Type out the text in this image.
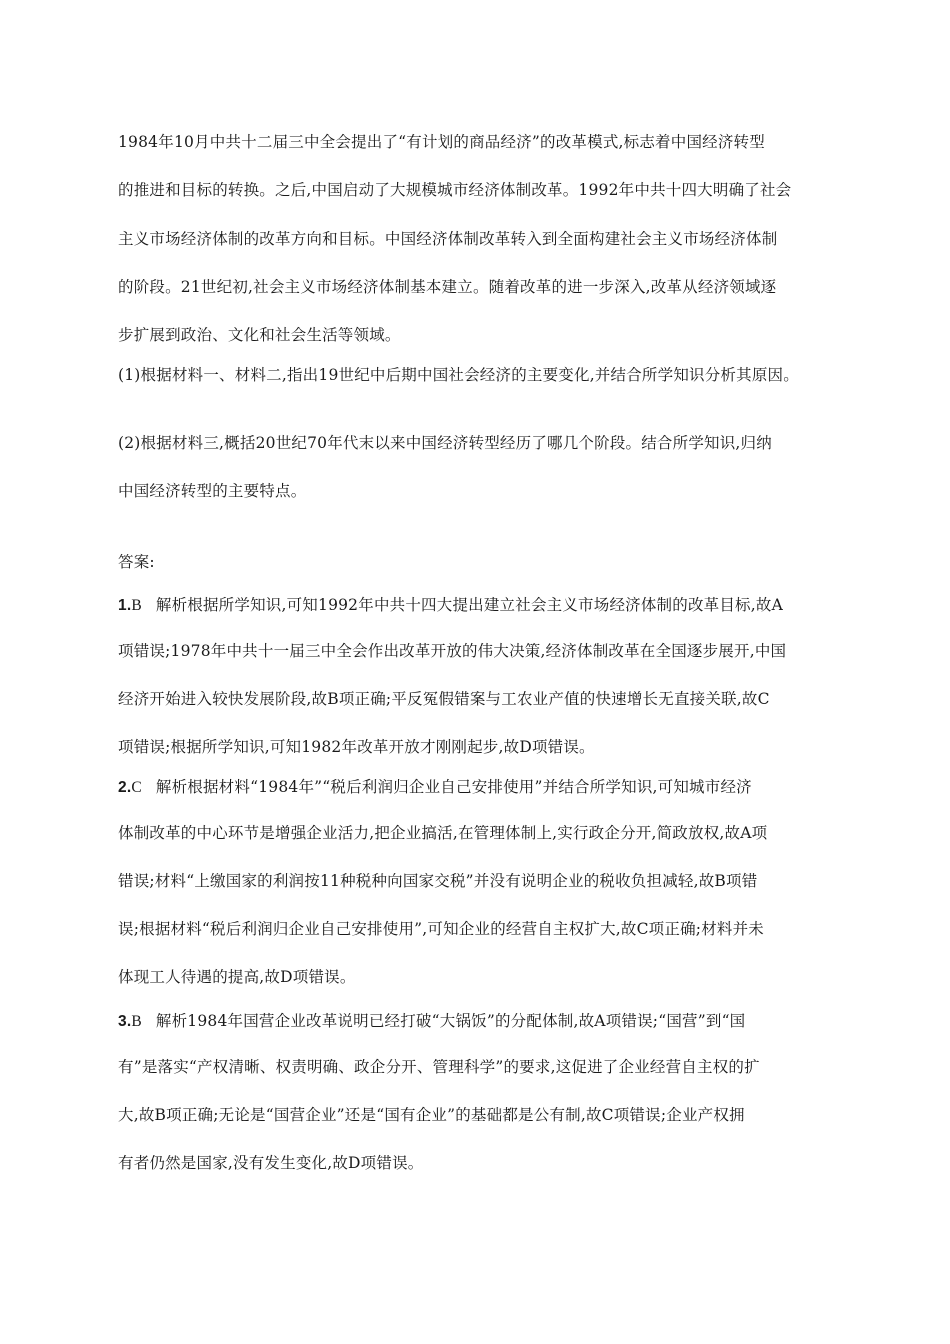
1984年10月中共十二届三中全会提出了“有计划的商品经济”的改革模式,标志着中国经济转型
的推进和目标的转换。之后,中国启动了大规模城市经济体制改革。1992年中共十四大明确了社会
主义市场经济体制的改革方向和目标。中国经济体制改革转入到全面构建社会主义市场经济体制
的阶段。21世纪初,社会主义市场经济体制基本建立。随着改革的进一步深入,改革从经济领域逐
步扩展到政治、文化和社会生活等领域。
(1)根据材料一、材料二,指出19世纪中后期中国社会经济的主要变化,并结合所学知识分析其原因。
(2)根据材料三,概括20世纪70年代末以来中国经济转型经历了哪几个阶段。结合所学知识,归纳
中国经济转型的主要特点。
答案:
1.B 解析根据所学知识,可知1992年中共十四大提出建立社会主义市场经济体制的改革目标,故A
项错误;1978年中共十一届三中全会作出改革开放的伟大决策,经济体制改革在全国逐步展开,中国
经济开始进入较快发展阶段,故B项正确;平反冤假错案与工农业产值的快速增长无直接关联,故C
项错误;根据所学知识,可知1982年改革开放才刚刚起步,故D项错误。
2.C 解析根据材料“1984年”“税后利润归企业自己安排使用”并结合所学知识,可知城市经济
体制改革的中心环节是增强企业活力,把企业搞活,在管理体制上,实行政企分开,简政放权,故A项
错误;材料“上缴国家的利润按11种税种向国家交税”并没有说明企业的税收负担减轻,故B项错
误;根据材料“税后利润归企业自己安排使用”,可知企业的经营自主权扩大,故C项正确;材料并未
体现工人待遇的提高,故D项错误。
3.B 解析1984年国营企业改革说明已经打破“大锅饭”的分配体制,故A项错误;“国营”到“国
有”是落实“产权清晰、权责明确、政企分开、管理科学”的要求,这促进了企业经营自主权的扩
大,故B项正确;无论是“国营企业”还是“国有企业”的基础都是公有制,故C项错误;企业产权拥
有者仍然是国家,没有发生变化,故D项错误。
